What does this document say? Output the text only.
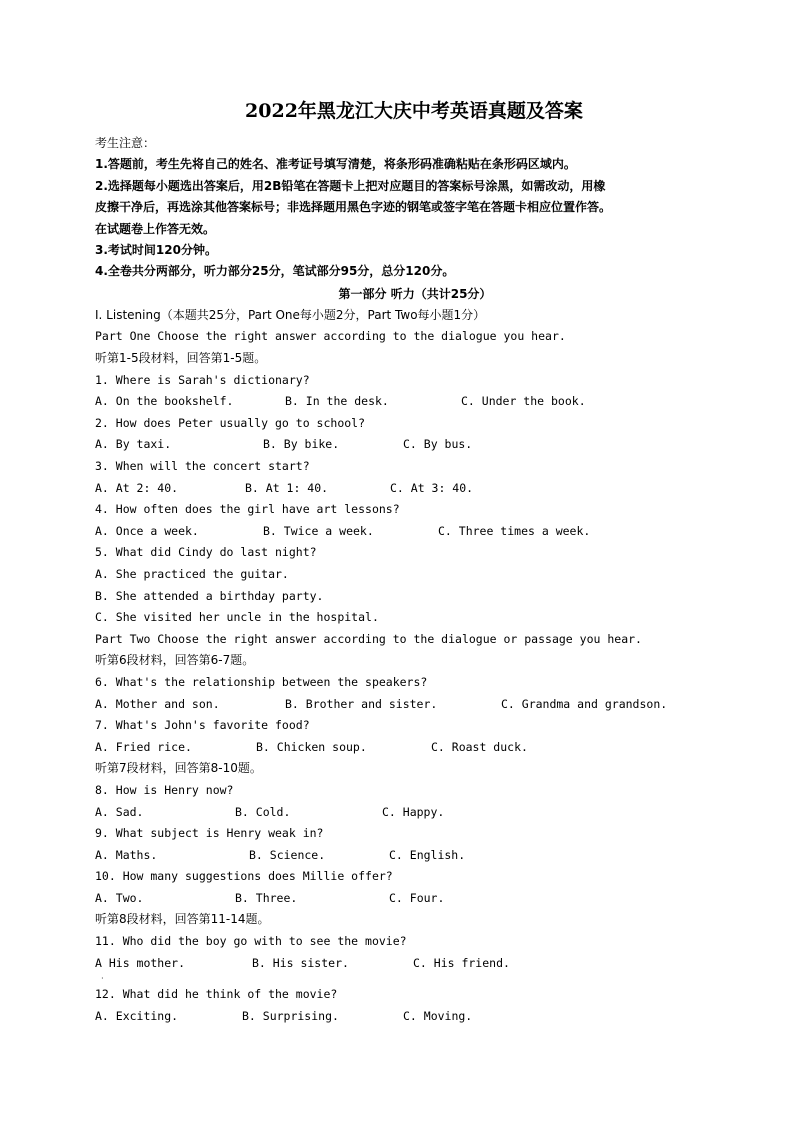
2022年黑龙江大庆中考英语真题及答案
考生注意：
1.答题前，考生先将自己的姓名、准考证号填写清楚，将条形码准确粘贴在条形码区域内。
2.选择题每小题选出答案后，用2B铅笔在答题卡上把对应题目的答案标号涂黑，如需改动，用橡
皮擦干净后，再选涂其他答案标号；非选择题用黑色字迹的钢笔或签字笔在答题卡相应位置作答。
在试题卷上作答无效。
3.考试时间120分钟。
4.全卷共分两部分，听力部分25分，笔试部分95分，总分120分。
第一部分 听力（共计25分）
I. Listening（本题共25分，Part One每小题2分，Part Two每小题1分）
Part One Choose the right answer according to the dialogue you hear.
听第1-5段材料，回答第1-5题。
1. Where is Sarah's dictionary?
A. On the bookshelf.	B. In the desk.	C. Under the book.
2. How does Peter usually go to school?
A. By taxi.	B. By bike.	C. By bus.
3. When will the concert start?
A. At 2: 40.	B. At 1: 40.	C. At 3: 40.
4. How often does the girl have art lessons?
A. Once a week.	B. Twice a week.	C. Three times a week.
5. What did Cindy do last night?
A. She practiced the guitar.
B. She attended a birthday party.
C. She visited her uncle in the hospital.
Part Two Choose the right answer according to the dialogue or passage you hear.
听第6段材料，回答第6-7题。
6. What's the relationship between the speakers?
A. Mother and son.	B. Brother and sister.	C. Grandma and grandson.
7. What's John's favorite food?
A. Fried rice.	B. Chicken soup.	C. Roast duck.
听第7段材料，回答第8-10题。
8. How is Henry now?
A. Sad.	B. Cold.	C. Happy.
9. What subject is Henry weak in?
A. Maths.	B. Science.	C. English.
10. How many suggestions does Millie offer?
A. Two.	B. Three.	C. Four.
听第8段材料，回答第11-14题。
11. Who did the boy go with to see the movie?
A His mother.	B. His sister.	C. His friend.
·
12. What did he think of the movie?
A. Exciting.	B. Surprising.	C. Moving.
